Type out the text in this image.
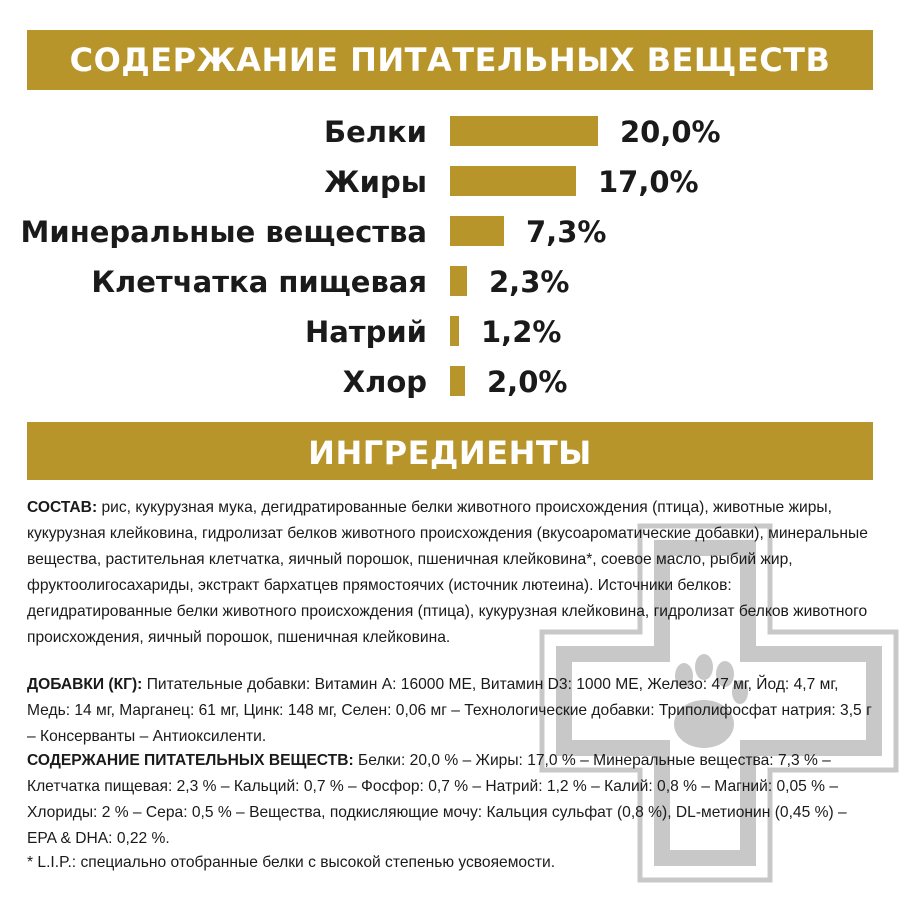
СОДЕРЖАНИЕ ПИТАТЕЛЬНЫХ ВЕЩЕСТВ
Белки	20,0%
Жиры	17,0%
Минеральные вещества	7,3%
Клетчатка пищевая 2,3%
Натрий 1,2%
Хлор 2,0%
ИНГРЕДИЕНТЫ
СОСТАВ: рис, кукурузная мука, дегидратированные белки животного происхождения (птица), животные жиры, кукурузная клейковина, гидролизат белков животного происхождения (вкусоароматические добавки), минеральные вещества, растительная клетчатка, яичный порошок, пшеничная клейковина*, соевое масло, рыбий жир, фруктоолигосахариды, экстракт бархатцев прямостоячих (источник лютеина). Источники белков: дегидратированные белки животного происхождения (птица), кукурузная клейковина, гидролизат белков животного происхождения, яичный порошок, пшеничная клейковина.
ДОБАВКИ (КГ): Питательные добавки: Витамин А: 16000 МЕ, Витамин D3: 1000 МЕ, Железо: 47 мг, Йод: 4,7 мг, Медь: 14 мг, Марганец: 61 мг, Цинк: 148 мг, Селен: 0,06 мг – Технологические добавки: Триполифосфат натрия: 3,5 г – Консерванты – Антиоксиленти.
СОДЕРЖАНИЕ ПИТАТЕЛЬНЫХ ВЕЩЕСТВ: Белки: 20,0 % – Жиры: 17,0 % – Минеральные вещества: 7,3 % – Клетчатка пищевая: 2,3 % – Кальций: 0,7 % – Фосфор: 0,7 % – Натрий: 1,2 % – Калий: 0,8 % – Магний: 0,05 % – Хлориды: 2 % – Сера: 0,5 % – Вещества, подкисляющие мочу: Кальция сульфат (0,8 %), DL-метионин (0,45 %) – EPA & DHA: 0,22 %.
* L.I.P.: специально отобранные белки с высокой степенью усвояемости.
